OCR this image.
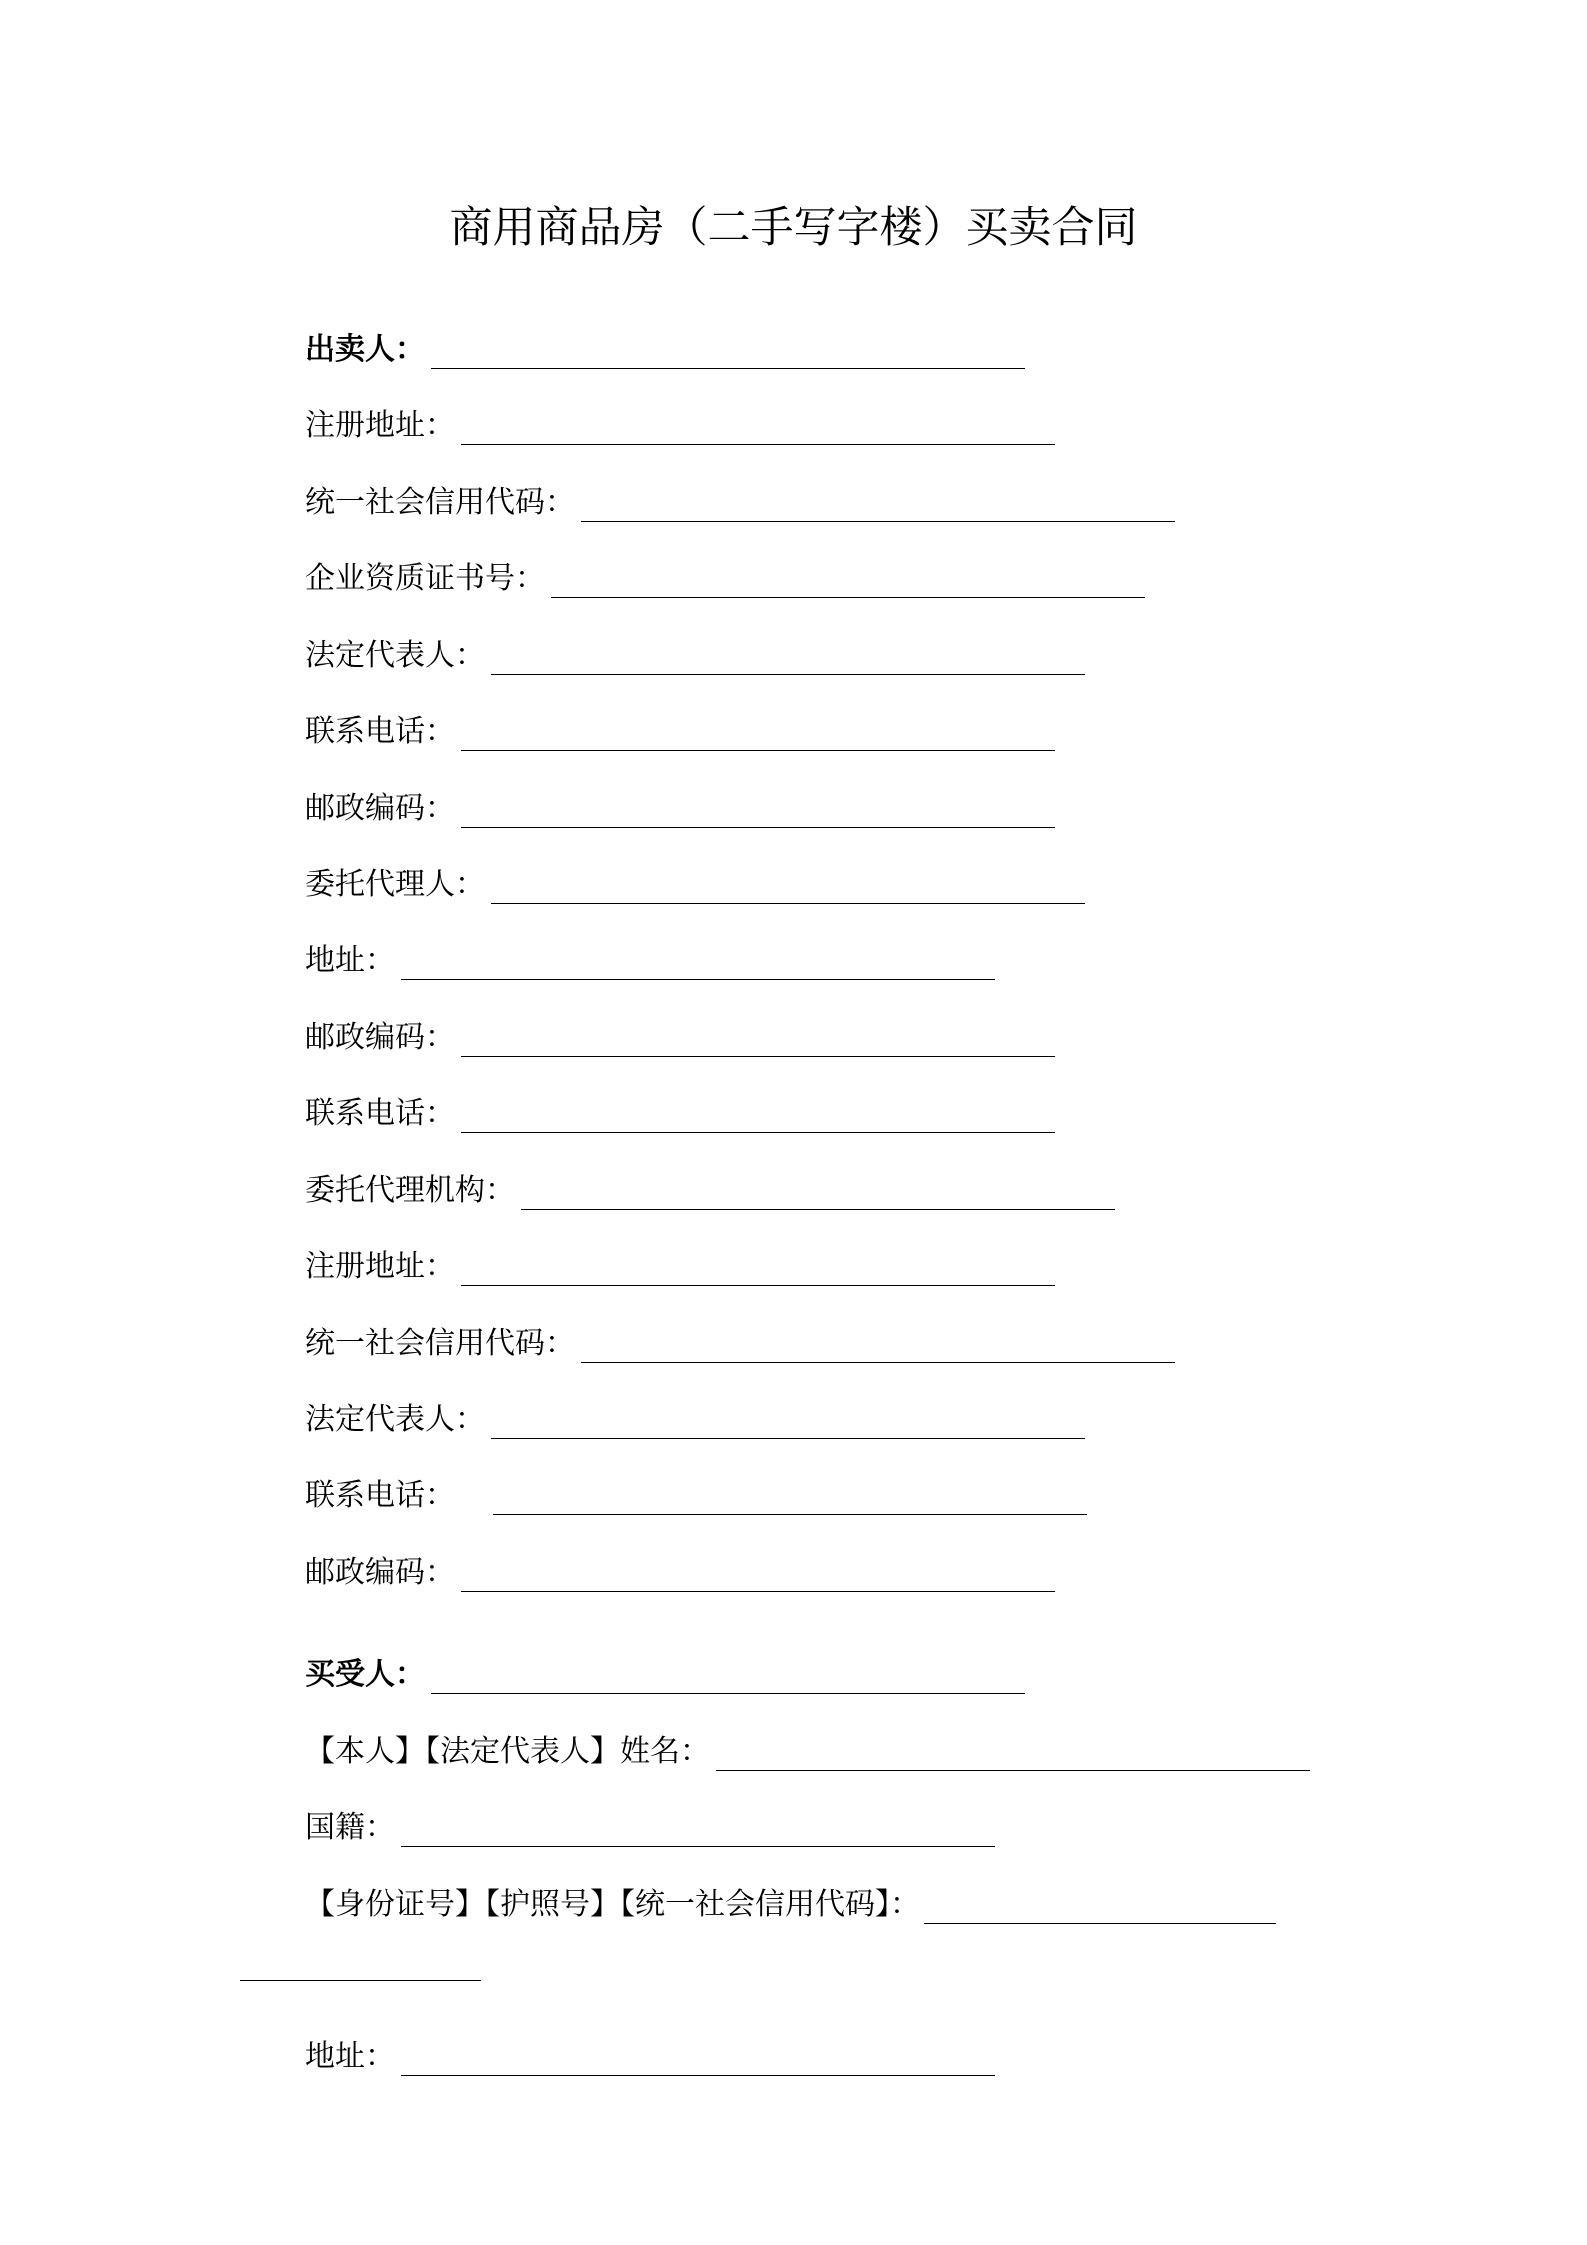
商用商品房（二手写字楼）买卖合同
出卖人：
注册地址：
统一社会信用代码：
企业资质证书号：
法定代表人：
联系电话：
邮政编码：
委托代理人：
地址：
邮政编码：
联系电话：
委托代理机构：
注册地址：
统一社会信用代码：
法定代表人：
联系电话：
邮政编码：
买受人：
【本人】【法定代表人】姓名：
国籍：
【身份证号】【护照号】【统一社会信用代码】：
地址：
